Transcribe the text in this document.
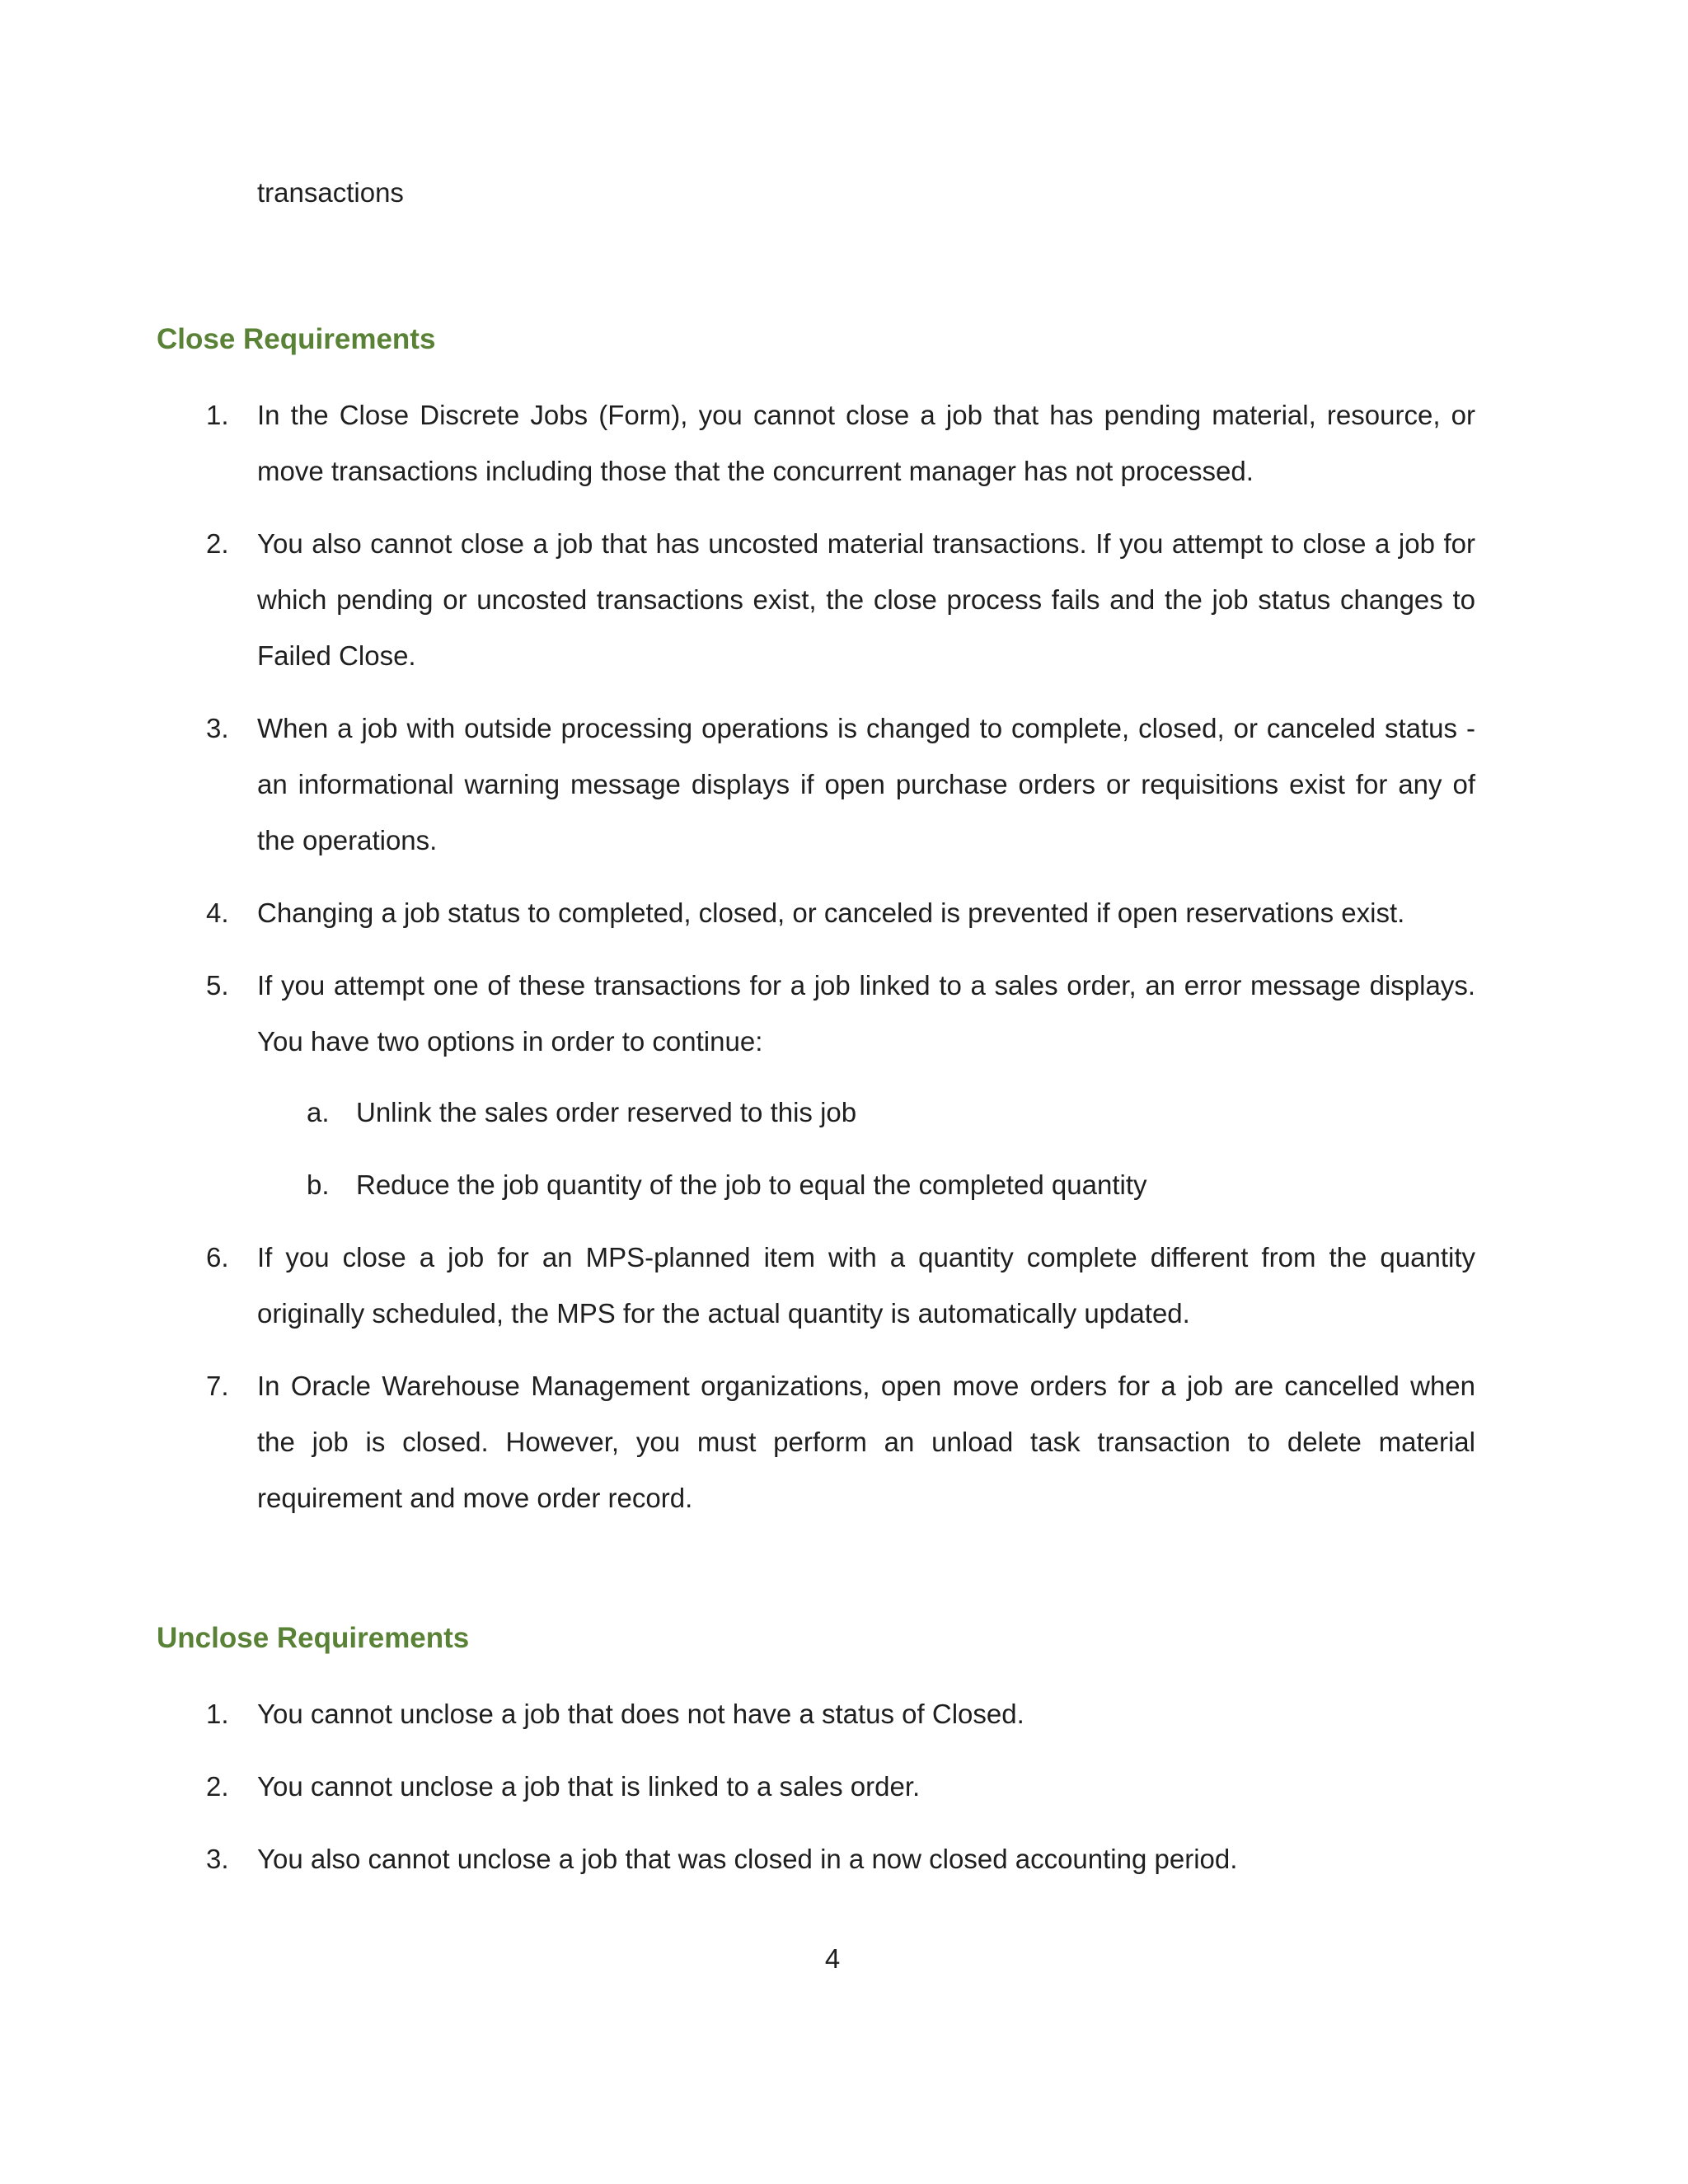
transactions
Close Requirements
1.	In the Close Discrete Jobs (Form), you cannot close a job that has pending material, resource, or move transactions including those that the concurrent manager has not processed.
2.	You also cannot close a job that has uncosted material transactions. If you attempt to close a job for which pending or uncosted transactions exist, the close process fails and the job status changes to Failed Close.
3.	When a job with outside processing operations is changed to complete, closed, or canceled status - an informational warning message displays if open purchase orders or requisitions exist for any of the operations.
4.	Changing a job status to completed, closed, or canceled is prevented if open reservations exist.
5.	If you attempt one of these transactions for a job linked to a sales order, an error message displays. You have two options in order to continue:
a. Unlink the sales order reserved to this job
b. Reduce the job quantity of the job to equal the completed quantity
6.	If you close a job for an MPS-planned item with a quantity complete different from the quantity originally scheduled, the MPS for the actual quantity is automatically updated.
7.	In Oracle Warehouse Management organizations, open move orders for a job are cancelled when the job is closed. However, you must perform an unload task transaction to delete material requirement and move order record.
Unclose Requirements
1.	You cannot unclose a job that does not have a status of Closed.
2.	You cannot unclose a job that is linked to a sales order.
3.	You also cannot unclose a job that was closed in a now closed accounting period.
4
